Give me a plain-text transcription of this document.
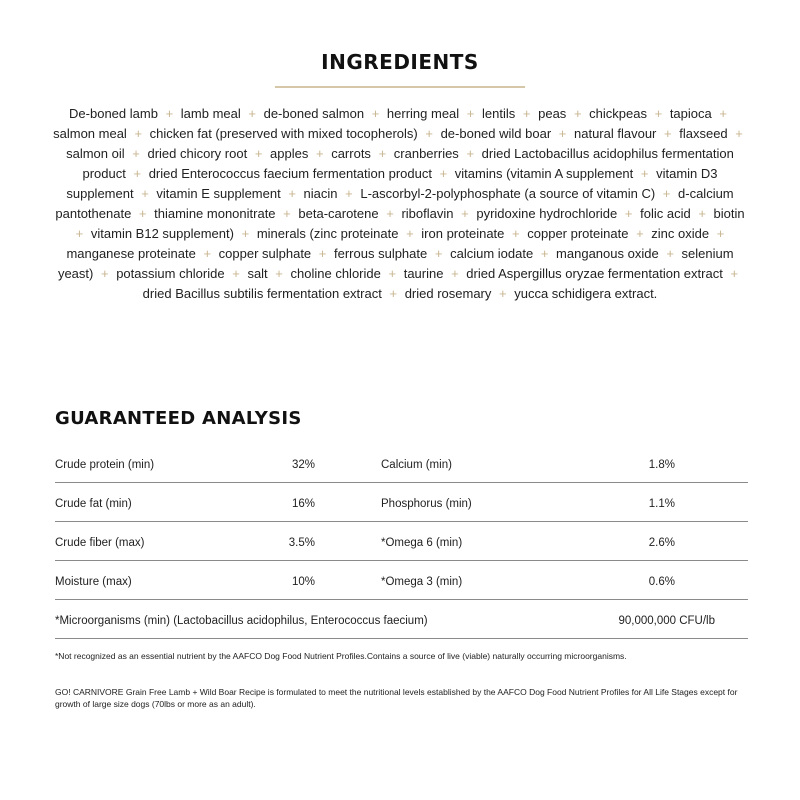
INGREDIENTS
De-boned lamb + lamb meal + de-boned salmon + herring meal + lentils + peas + chickpeas + tapioca + salmon meal + chicken fat (preserved with mixed tocopherols) + de-boned wild boar + natural flavour + flaxseed + salmon oil + dried chicory root + apples + carrots + cranberries + dried Lactobacillus acidophilus fermentation product + dried Enterococcus faecium fermentation product + vitamins (vitamin A supplement + vitamin D3 supplement + vitamin E supplement + niacin + L-ascorbyl-2-polyphosphate (a source of vitamin C) + d-calcium pantothenate + thiamine mononitrate + beta-carotene + riboflavin + pyridoxine hydrochloride + folic acid + biotin + vitamin B12 supplement) + minerals (zinc proteinate + iron proteinate + copper proteinate + zinc oxide + manganese proteinate + copper sulphate + ferrous sulphate + calcium iodate + manganous oxide + selenium yeast) + potassium chloride + salt + choline chloride + taurine + dried Aspergillus oryzae fermentation extract + dried Bacillus subtilis fermentation extract + dried rosemary + yucca schidigera extract.
GUARANTEED ANALYSIS
Crude protein (min)	32%	Calcium (min)	1.8%
Crude fat (min)	16%	Phosphorus (min)	1.1%
Crude fiber (max)	3.5%	*Omega 6 (min)	2.6%
Moisture (max)	10%	*Omega 3 (min)	0.6%
*Microorganisms (min) (Lactobacillus acidophilus, Enterococcus faecium)	90,000,000 CFU/lb
*Not recognized as an essential nutrient by the AAFCO Dog Food Nutrient Profiles.Contains a source of live (viable) naturally occurring microorganisms.
GO! CARNIVORE Grain Free Lamb + Wild Boar Recipe is formulated to meet the nutritional levels established by the AAFCO Dog Food Nutrient Profiles for All Life Stages except for growth of large size dogs (70lbs or more as an adult).
